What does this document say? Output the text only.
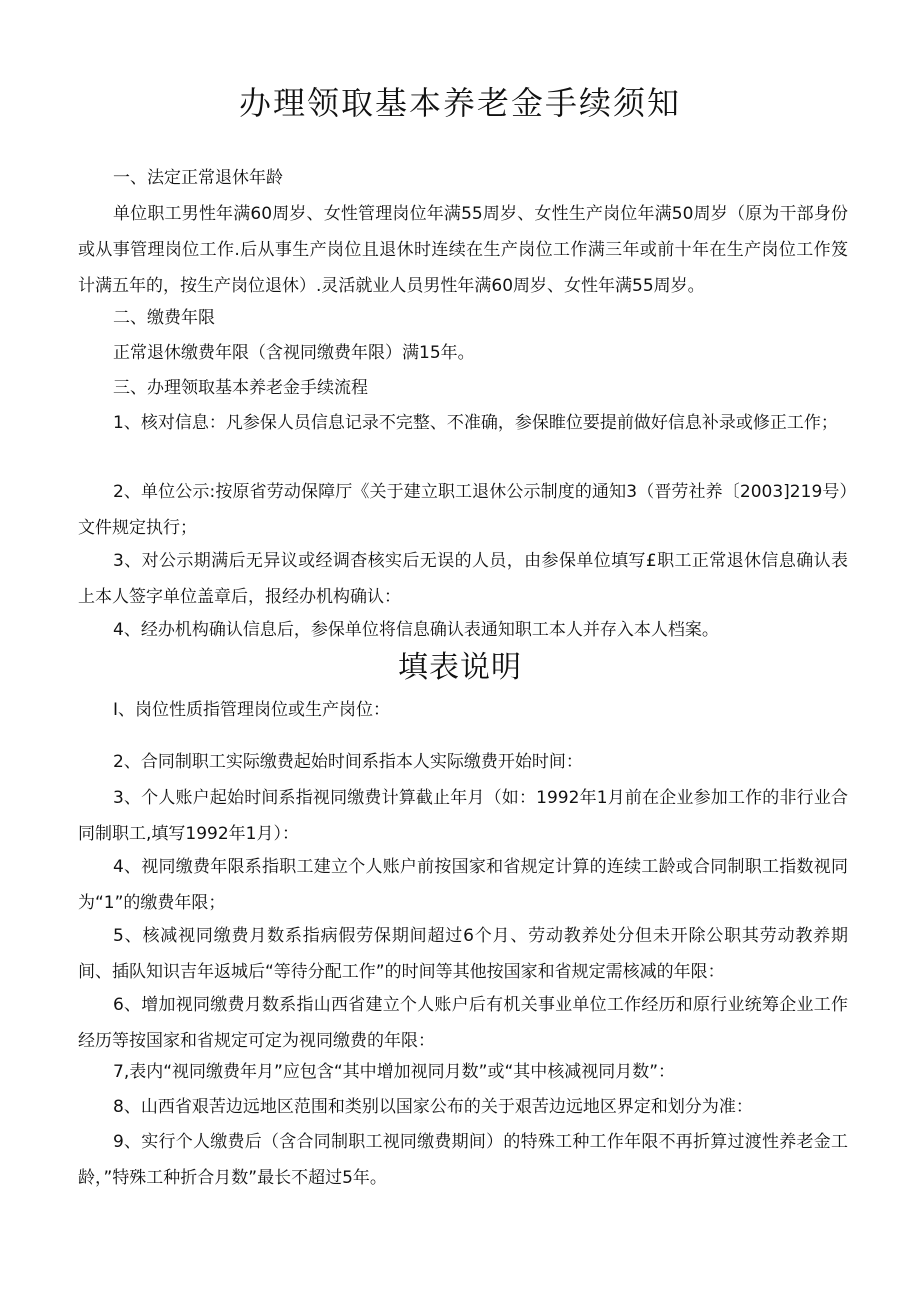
办理领取基本养老金手续须知

一、法定正常退休年龄

单位职工男性年满60周岁、女性管理岗位年满55周岁、女性生产岗位年满50周岁（原为干部身份或从事管理岗位工作.后从事生产岗位且退休时连续在生产岗位工作满三年或前十年在生产岗位工作笈计满五年的，按生产岗位退休）.灵活就业人员男性年满60周岁、女性年满55周岁。

二、缴费年限

正常退休缴费年限（含视同缴费年限）满15年。

三、办理领取基本养老金手续流程

1、核对信息：凡参保人员信息记录不完整、不准确，参保睢位要提前做好信息补录或修正工作；

2、单位公示:按原省劳动保障厅《关于建立职工退休公示制度的通知3（晋劳社养〔2003]219号）文件规定执行；

3、对公示期满后无异议或经调杳核实后无误的人员，由参保单位填写£职工正常退休信息确认表上本人签字单位盖章后，报经办机构确认：

4、经办机构确认信息后，参保单位将信息确认表通知职工本人并存入本人档案。

填表说明

I、岗位性质指管理岗位或生产岗位：

2、合同制职工实际缴费起始时间系指本人实际缴费开始时间：

3、个人账户起始时间系指视同缴费计算截止年月（如：1992年1月前在企业参加工作的非行业合同制职工,填写1992年1月）：

4、视同缴费年限系指职工建立个人账户前按国家和省规定计算的连续工龄或合同制职工指数视同为“1”的缴费年限；

5、核减视同缴费月数系指病假劳保期间超过6个月、劳动教养处分但未开除公职其劳动教养期间、插队知识吉年返城后“等待分配工作”的时间等其他按国家和省规定需核减的年限：

6、增加视同缴费月数系指山西省建立个人账户后有机关事业单位工作经历和原行业统筹企业工作经历等按国家和省规定可定为视同缴费的年限：

7,表内“视同缴费年月”应包含“其中增加视同月数”或“其中核减视同月数”：

8、山西省艰苦边远地区范围和类别以国家公布的关于艰苦边远地区界定和划分为准：

9、实行个人缴费后（含合同制职工视同缴费期间）的特殊工种工作年限不再折算过渡性养老金工龄，”特殊工种折合月数”最长不超过5年。
